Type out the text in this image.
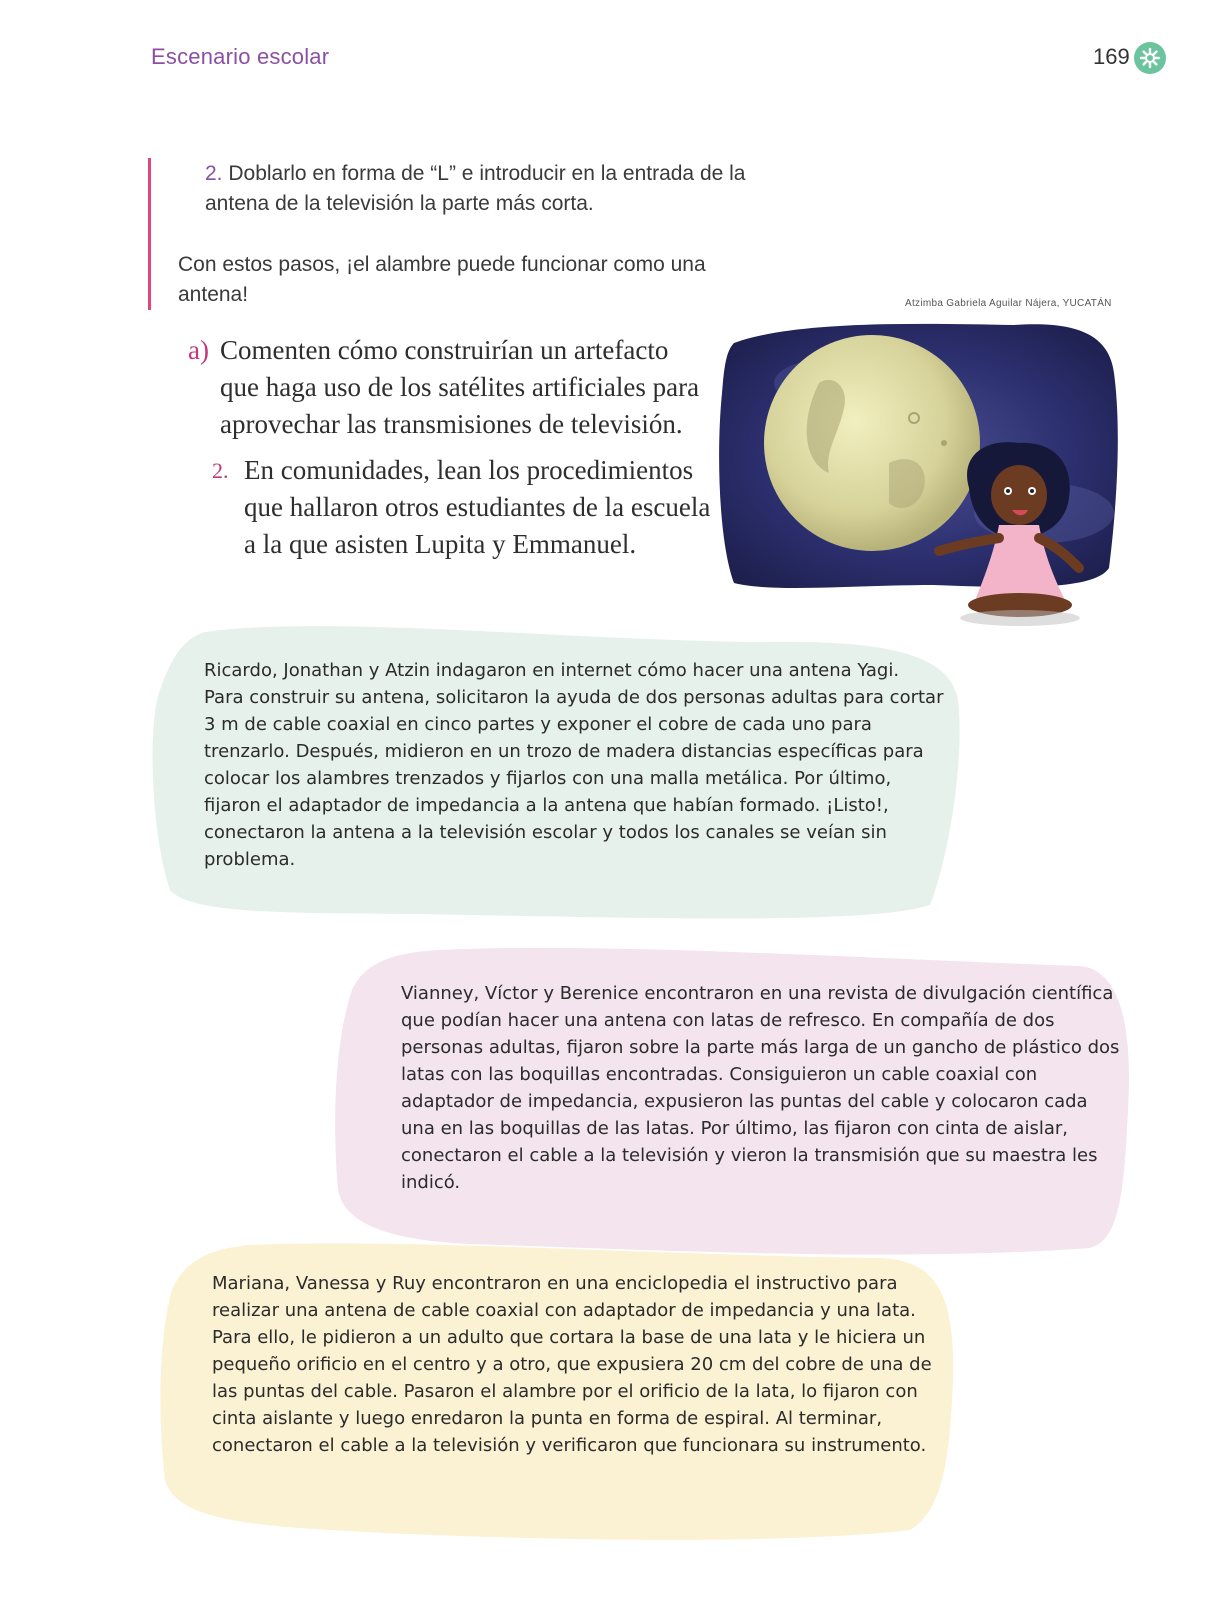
Escenario escolar	169
2. Doblarlo en forma de “L” e introducir en la entrada de la antena de la televisión la parte más corta.
Con estos pasos, ¡el alambre puede funcionar como una antena!	Atzimba Gabriela Aguilar Nájera, YUCATÁN
a) Comenten cómo construirían un artefacto que haga uso de los satélites artificiales para aprovechar las transmisiones de televisión.
2. En comunidades, lean los procedimientos que hallaron otros estudiantes de la escuela a la que asisten Lupita y Emmanuel.
Ricardo, Jonathan y Atzin indagaron en internet cómo hacer una antena Yagi. Para construir su antena, solicitaron la ayuda de dos personas adultas para cortar 3 m de cable coaxial en cinco partes y exponer el cobre de cada uno para trenzarlo. Después, midieron en un trozo de madera distancias específicas para colocar los alambres trenzados y fijarlos con una malla metálica. Por último, fijaron el adaptador de impedancia a la antena que habían formado. ¡Listo!, conectaron la antena a la televisión escolar y todos los canales se veían sin problema.
Vianney, Víctor y Berenice encontraron en una revista de divulgación científica que podían hacer una antena con latas de refresco. En compañía de dos personas adultas, fijaron sobre la parte más larga de un gancho de plástico dos latas con las boquillas encontradas. Consiguieron un cable coaxial con adaptador de impedancia, expusieron las puntas del cable y colocaron cada una en las boquillas de las latas. Por último, las fijaron con cinta de aislar, conectaron el cable a la televisión y vieron la transmisión que su maestra les indicó.
Mariana, Vanessa y Ruy encontraron en una enciclopedia el instructivo para realizar una antena de cable coaxial con adaptador de impedancia y una lata. Para ello, le pidieron a un adulto que cortara la base de una lata y le hiciera un pequeño orificio en el centro y a otro, que expusiera 20 cm del cobre de una de las puntas del cable. Pasaron el alambre por el orificio de la lata, lo fijaron con cinta aislante y luego enredaron la punta en forma de espiral. Al terminar, conectaron el cable a la televisión y verificaron que funcionara su instrumento.
